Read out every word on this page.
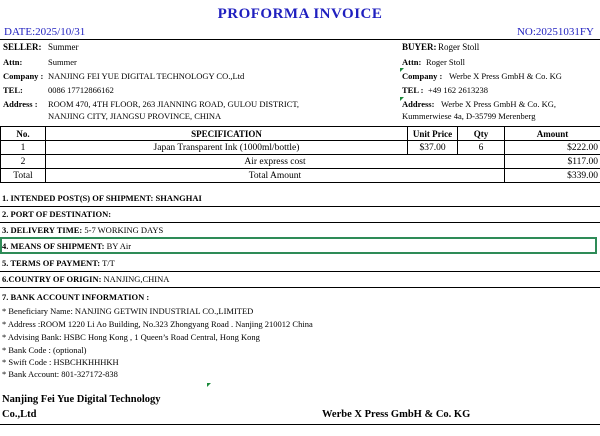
PROFORMA INVOICE
DATE:2025/10/31	NO:20251031FY
SELLER: Summer
Attn:	Summer
Company : NANJING FEI YUE DIGITAL TECHNOLOGY CO.,Ltd
TEL:	0086 17712866162
Address : ROOM 470, 4TH FLOOR, 263 JIANNING ROAD, GULOU DISTRICT,
NANJING CITY, JIANGSU PROVINCE, CHINA
BUYER: Roger Stoll
Attn: Roger Stoll
Company : Werbe X Press GmbH & Co. KG
TEL : +49 162 2613238
Address: Werbe X Press GmbH & Co. KG,
Kummerwiese 4a, D-35799 Merenberg
No.	SPECIFICATION	Unit Price	Qty	Amount
1	Japan Transparent Ink (1000ml/bottle)	$37.00	6	$222.00
2	Air express cost			$117.00
Total	Total Amount			$339.00
1. INTENDED POST(S) OF SHIPMENT: SHANGHAI
2. PORT OF DESTINATION:
3. DELIVERY TIME: 5-7 WORKING DAYS
4. MEANS OF SHIPMENT: BY Air
5. TERMS OF PAYMENT: T/T
6.COUNTRY OF ORIGIN: NANJING,CHINA
7. BANK ACCOUNT INFORMATION :
* Beneficiary Name: NANJING GETWIN INDUSTRIAL CO.,LIMITED
* Address :ROOM 1220 Li Ao Building, No.323 Zhongyang Road . Nanjing 210012 China
* Advising Bank: HSBC Hong Kong , 1 Queen’s Road Central, Hong Kong
* Bank Code : (optional)
* Swift Code : HSBCHKHHHKH
* Bank Account: 801-327172-838
Nanjing Fei Yue Digital Technology
Co.,Ltd	Werbe X Press GmbH & Co. KG
